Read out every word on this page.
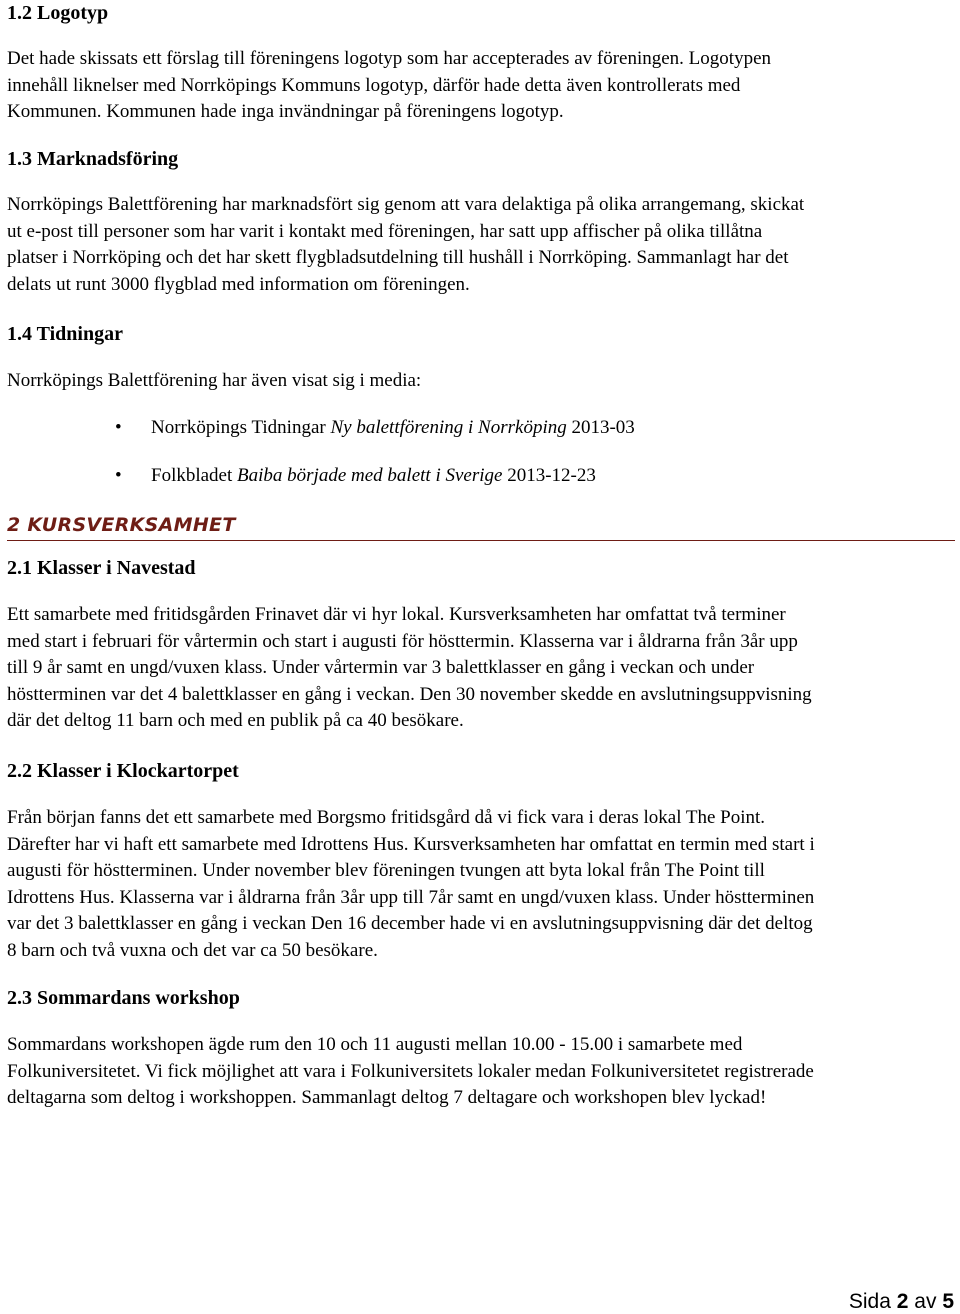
1.2 Logotyp

Det hade skissats ett förslag till föreningens logotyp som har accepterades av föreningen. Logotypen
innehåll liknelser med Norrköpings Kommuns logotyp, därför hade detta även kontrollerats med
Kommunen. Kommunen hade inga invändningar på föreningens logotyp.

1.3 Marknadsföring

Norrköpings Balettförening har marknadsfört sig genom att vara delaktiga på olika arrangemang, skickat
ut e-post till personer som har varit i kontakt med föreningen, har satt upp affischer på olika tillåtna
platser i Norrköping och det har skett flygbladsutdelning till hushåll i Norrköping. Sammanlagt har det
delats ut runt 3000 flygblad med information om föreningen.

1.4 Tidningar

Norrköpings Balettförening har även visat sig i media:

• Norrköpings Tidningar Ny balettförening i Norrköping 2013-03
• Folkbladet Baiba började med balett i Sverige 2013-12-23
2 KURSVERKSAMHET
2.1 Klasser i Navestad

Ett samarbete med fritidsgården Frinavet där vi hyr lokal. Kursverksamheten har omfattat två terminer
med start i februari för vårtermin och start i augusti för hösttermin. Klasserna var i åldrarna från 3år upp
till 9 år samt en ungd/vuxen klass. Under vårtermin var 3 balettklasser en gång i veckan och under
höstterminen var det 4 balettklasser en gång i veckan. Den 30 november skedde en avslutningsuppvisning
där det deltog 11 barn och med en publik på ca 40 besökare.

2.2 Klasser i Klockartorpet

Från början fanns det ett samarbete med Borgsmo fritidsgård då vi fick vara i deras lokal The Point.
Därefter har vi haft ett samarbete med Idrottens Hus. Kursverksamheten har omfattat en termin med start i
augusti för höstterminen. Under november blev föreningen tvungen att byta lokal från The Point till
Idrottens Hus. Klasserna var i åldrarna från 3år upp till 7år samt en ungd/vuxen klass. Under höstterminen
var det 3 balettklasser en gång i veckan Den 16 december hade vi en avslutningsuppvisning där det deltog
8 barn och två vuxna och det var ca 50 besökare.

2.3 Sommardans workshop

Sommardans workshopen ägde rum den 10 och 11 augusti mellan 10.00 - 15.00 i samarbete med
Folkuniversitetet. Vi fick möjlighet att vara i Folkuniversitets lokaler medan Folkuniversitetet registrerade
deltagarna som deltog i workshoppen. Sammanlagt deltog 7 deltagare och workshopen blev lyckad!

Sida 2 av 5
